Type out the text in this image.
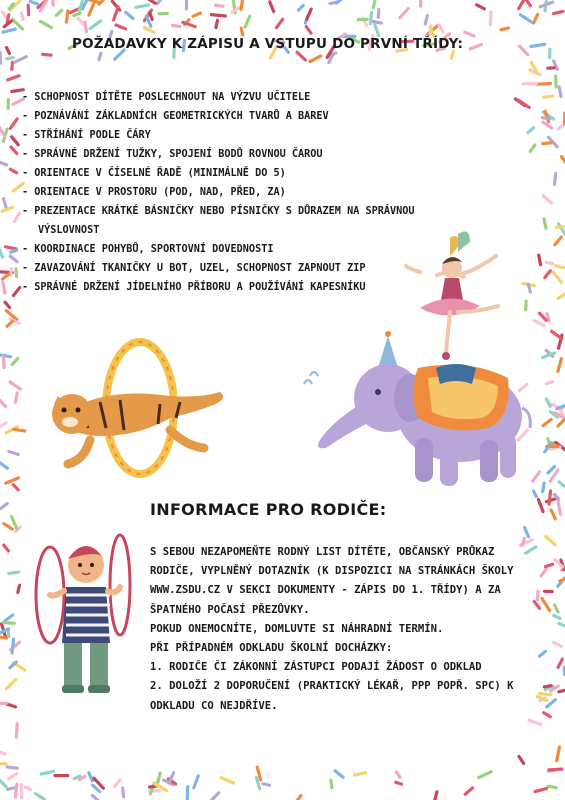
POŽADAVKY K ZÁPISU A VSTUPU DO PRVNÍ TŘÍDY:
- SCHOPNOST DÍTĚTE POSLECHNOUT NA VÝZVU UČITELE
- POZNÁVÁNÍ ZÁKLADNÍCH GEOMETRICKÝCH TVARŮ A BAREV
- STŘÍHÁNÍ PODLE ČÁRY
- SPRÁVNÉ DRŽENÍ TUŽKY, SPOJENÍ BODŮ ROVNOU ČAROU
- ORIENTACE V ČÍSELNÉ ŘADĚ (MINIMÁLNĚ DO 5)
- ORIENTACE V PROSTORU (POD, NAD, PŘED, ZA)
- PREZENTACE KRÁTKÉ BÁSNIČKY NEBO PÍSNIČKY S DŮRAZEM NA SPRÁVNOU
VÝSLOVNOST
- KOORDINACE POHYBŮ, SPORTOVNÍ DOVEDNOSTI
- ZAVAZOVÁNÍ TKANIČKY U BOT, UZEL, SCHOPNOST ZAPNOUT ZIP
- SPRÁVNÉ DRŽENÍ JÍDELNÍHO PŘÍBORU A POUŽÍVÁNÍ KAPESNÍKU
INFORMACE PRO RODIČE:

S SEBOU NEZAPOMEŇTE RODNÝ LIST DÍTĚTE, OBČANSKÝ PRŮKAZ RODIČE, VYPLNĚNÝ DOTAZNÍK (K DISPOZICI NA STRÁNKÁCH ŠKOLY WWW.ZSDU.CZ V SEKCI DOKUMENTY - ZÁPIS DO 1. TŘÍDY) A ZA ŠPATNÉHO POČASÍ PŘEZŮVKY.

POKUD ONEMOCNÍTE, DOMLUVTE SI NÁHRADNÍ TERMÍN.

PŘI PŘÍPADNÉM ODKLADU ŠKOLNÍ DOCHÁZKY:

1. RODIČE ČI ZÁKONNÍ ZÁSTUPCI PODAJÍ ŽÁDOST O ODKLAD

2. DOLOŽÍ 2 DOPORUČENÍ (PRAKTICKÝ LÉKAŘ, PPP POPŘ. SPC) K ODKLADU CO NEJDŘÍVE.
